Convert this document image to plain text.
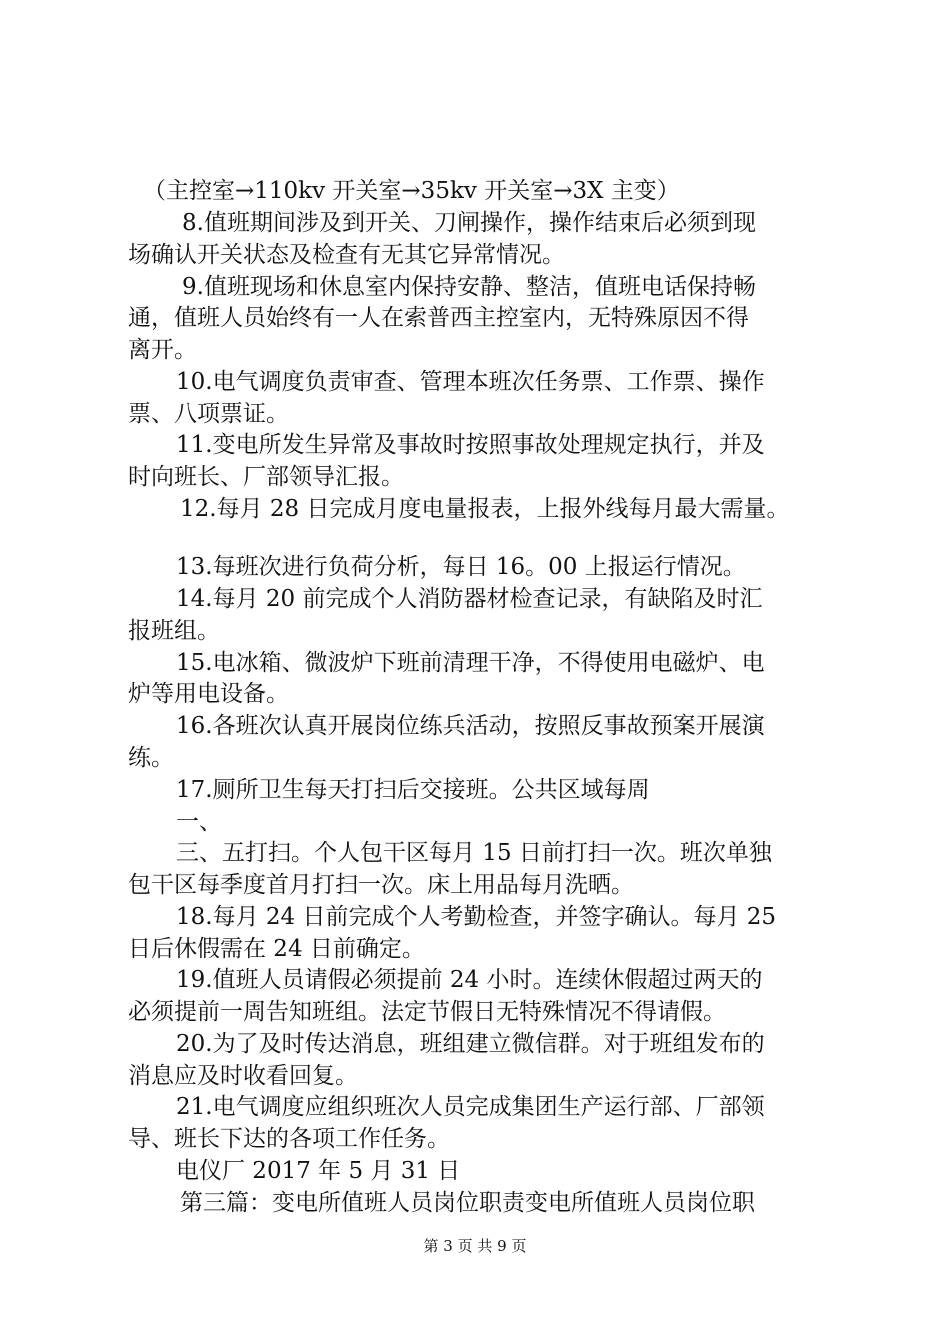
（主控室→110kv 开关室→35kv 开关室→3X 主变）
8.值班期间涉及到开关、刀闸操作，操作结束后必须到现
场确认开关状态及检查有无其它异常情况。
9.值班现场和休息室内保持安静、整洁，值班电话保持畅
通，值班人员始终有一人在索普西主控室内，无特殊原因不得
离开。
10.电气调度负责审查、管理本班次任务票、工作票、操作
票、八项票证。
11.变电所发生异常及事故时按照事故处理规定执行，并及
时向班长、厂部领导汇报。
12.每月 28 日完成月度电量报表，上报外线每月最大需量。
13.每班次进行负荷分析，每日 16。00 上报运行情况。
14.每月 20 前完成个人消防器材检查记录，有缺陷及时汇
报班组。
15.电冰箱、微波炉下班前清理干净，不得使用电磁炉、电
炉等用电设备。
16.各班次认真开展岗位练兵活动，按照反事故预案开展演
练。
17.厕所卫生每天打扫后交接班。公共区域每周
一、
三、五打扫。个人包干区每月 15 日前打扫一次。班次单独
包干区每季度首月打扫一次。床上用品每月洗晒。
18.每月 24 日前完成个人考勤检查，并签字确认。每月 25
日后休假需在 24 日前确定。
19.值班人员请假必须提前 24 小时。连续休假超过两天的
必须提前一周告知班组。法定节假日无特殊情况不得请假。
20.为了及时传达消息，班组建立微信群。对于班组发布的
消息应及时收看回复。
21.电气调度应组织班次人员完成集团生产运行部、厂部领
导、班长下达的各项工作任务。
电仪厂 2017 年 5 月 31 日
第三篇：变电所值班人员岗位职责变电所值班人员岗位职
第 3 页 共 9 页
